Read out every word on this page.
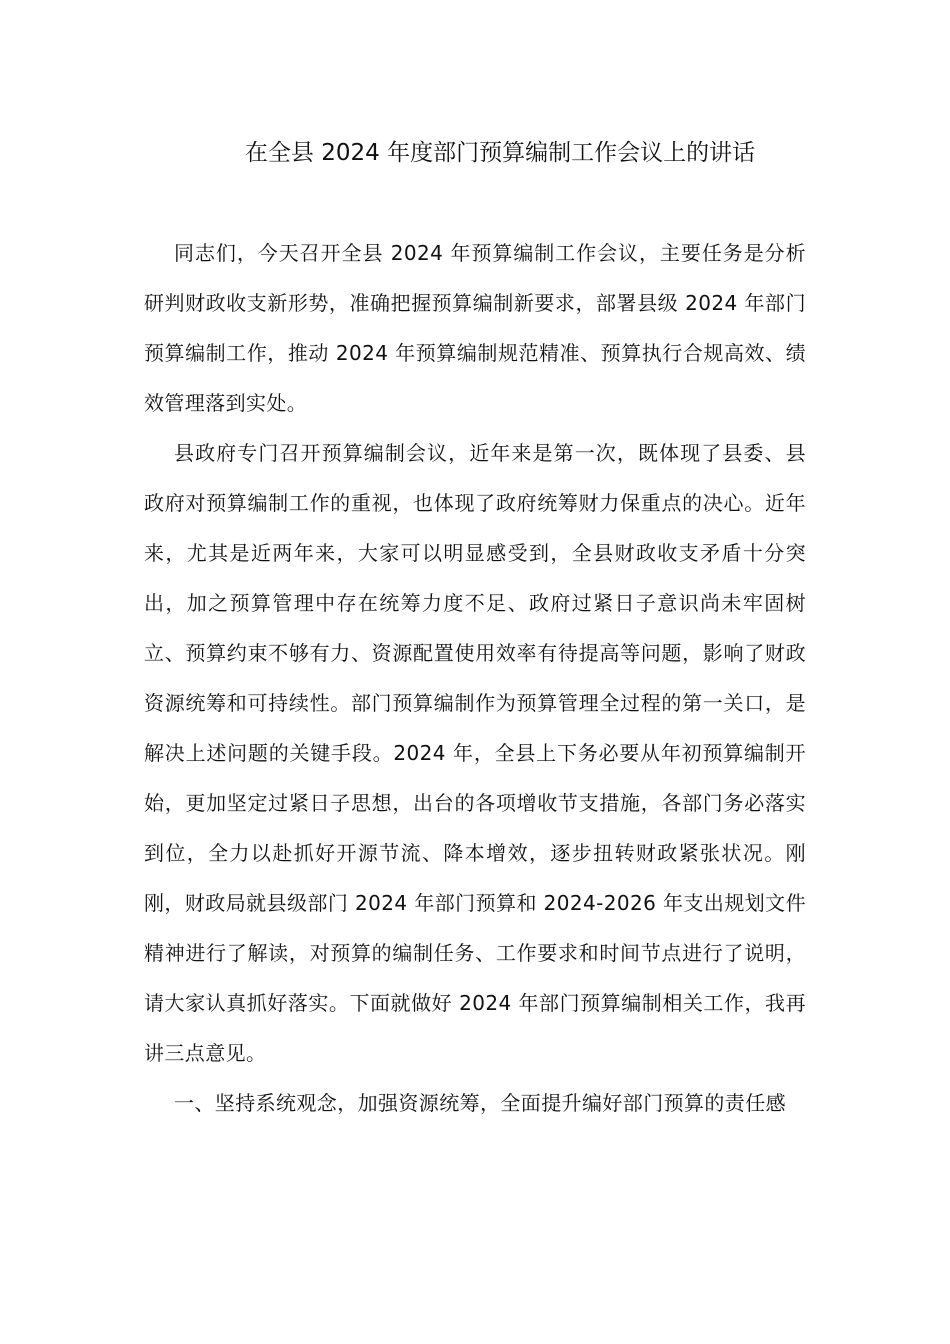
在全县 2024 年度部门预算编制工作会议上的讲话

同志们，今天召开全县 2024 年预算编制工作会议，主要任务是分析研判财政收支新形势，准确把握预算编制新要求，部署县级 2024 年部门预算编制工作，推动 2024 年预算编制规范精准、预算执行合规高效、绩效管理落到实处。

县政府专门召开预算编制会议，近年来是第一次，既体现了县委、县政府对预算编制工作的重视，也体现了政府统筹财力保重点的决心。近年来，尤其是近两年来，大家可以明显感受到，全县财政收支矛盾十分突出，加之预算管理中存在统筹力度不足、政府过紧日子意识尚未牢固树立、预算约束不够有力、资源配置使用效率有待提高等问题，影响了财政资源统筹和可持续性。部门预算编制作为预算管理全过程的第一关口，是解决上述问题的关键手段。2024 年，全县上下务必要从年初预算编制开始，更加坚定过紧日子思想，出台的各项增收节支措施，各部门务必落实到位，全力以赴抓好开源节流、降本增效，逐步扭转财政紧张状况。刚刚，财政局就县级部门 2024 年部门预算和 2024-2026 年支出规划文件精神进行了解读，对预算的编制任务、工作要求和时间节点进行了说明，请大家认真抓好落实。下面就做好 2024 年部门预算编制相关工作，我再讲三点意见。

一、坚持系统观念，加强资源统筹，全面提升编好部门预算的责任感
